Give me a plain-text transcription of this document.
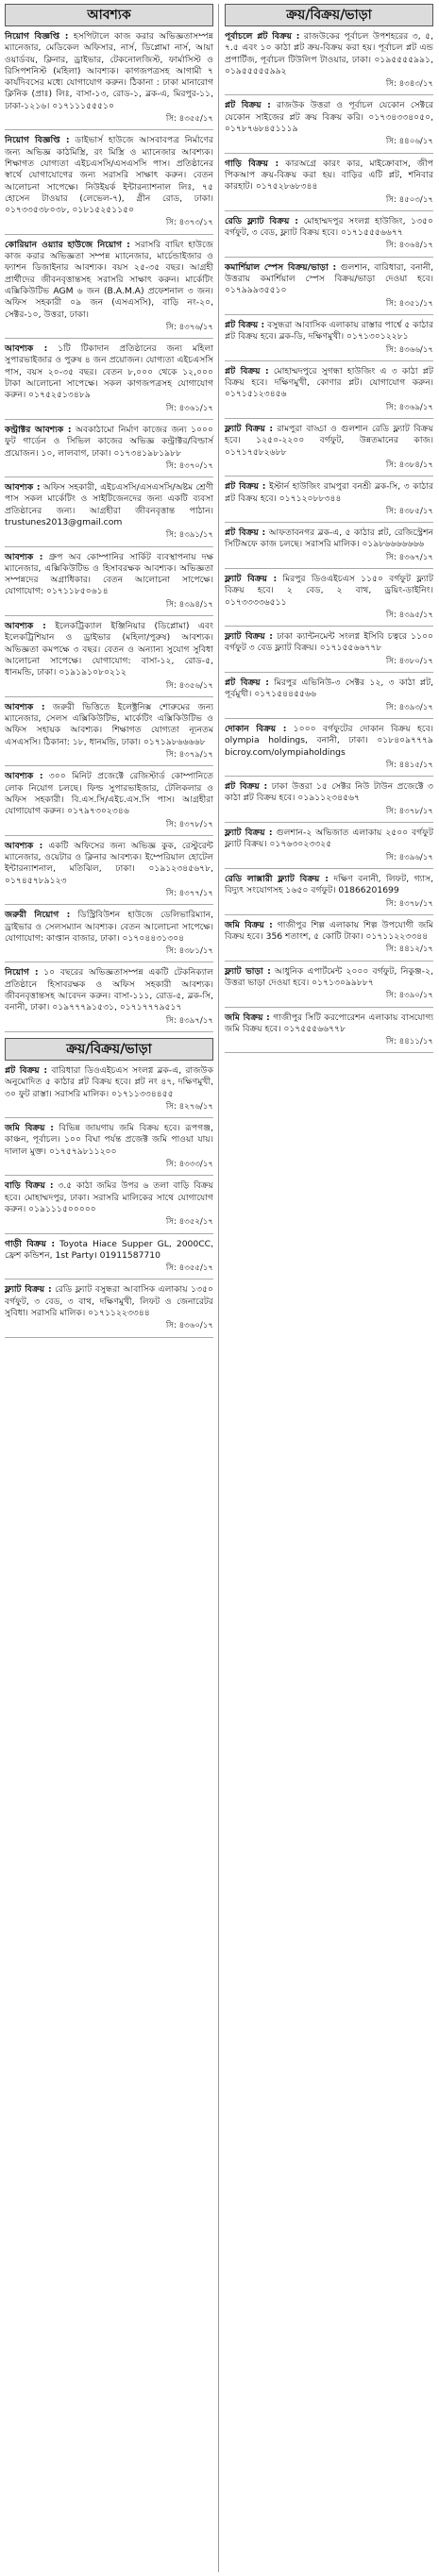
আবশ্যক
নিয়োগ বিজ্ঞপ্তি : হসপিটালে কাজ করার অভিজ্ঞতাসম্পন্ন ম্যানেজার, মেডিকেল অফিসার, নার্স, ডিপ্লোমা নার্স, আয়া ওয়ার্ডবয়, ক্লিনার, ড্রাইভার, টেকনোলজিস্ট, ফার্মাসিস্ট ও রিসিপশনিস্ট (মহিলা) আবশ্যক। কাগজপত্রসহ আগামী ৭ কার্যদিবসের মধ্যে যোগাযোগ করুন। ঠিকানা : ঢাকা মানারোগ ক্লিনিক (প্রাঃ) লিঃ, বাসা-১৩, রোড-১, ব্লক-এ, মিরপুর-১১, ঢাকা-১২১৬। ০১৭১১১৫৫৫১০
সি: ৪৩৫৫/১৭
নিয়োগ বিজ্ঞপ্তি : ডাইভার্স হাউজে আসবাবপত্র নির্মাণের জন্য অভিজ্ঞ কাঠমিস্ত্রি, রং মিস্ত্রি ও ম্যানেজার আবশ্যক। শিক্ষাগত যোগ্যতা এইচএসসি/এসএসসি পাস। প্রতিষ্ঠানের স্বার্থে যোগাযোগের জন্য সরাসরি সাক্ষাৎ করুন। বেতন আলোচনা সাপেক্ষে। নিউইয়র্ক ইন্টারন্যাশনাল লিঃ, ৭৫ হোসেন টাওয়ার (লেভেল-৭), গ্রীন রোড, ঢাকা। ০১৭৩৩৫৩৮০৩৮, ০১৮১৫২৫১১৫০
সি: ৪৩৭৩/১৭
কোরিয়ান ওয়্যার হাউজে নিয়োগ : সরাসরি বায়িং হাউজে কাজ করার অভিজ্ঞতা সম্পন্ন ম্যানেজার, মার্চেন্ডাইজার ও ফ্যাশন ডিজাইনার আবশ্যক। বয়স ২৫-৩৫ বছর। আগ্রহী প্রার্থীদের জীবনবৃত্তান্তসহ সরাসরি সাক্ষাৎ করুন। মার্কেটিং এক্সিকিউটিভ AGM ৬ জন (B.A.M.A) প্রফেশনাল ৩ জন। অফিস সহকারী ০৯ জন (এসএসসি), বাড়ি নং-২০, সেক্টর-১০, উত্তরা, ঢাকা।
সি: ৪৩৭৬/১৭
আবশ্যক : ১টি টিকাদান প্রতিষ্ঠানের জন্য মহিলা সুপারভাইজার ও পুরুষ ৪ জন প্রয়োজন। যোগ্যতা এইচএসসি পাস, বয়স ২০-৩৫ বছর। বেতন ৮,০০০ থেকে ১২,০০০ টাকা আলোচনা সাপেক্ষে। সকল কাগজপত্রসহ যোগাযোগ করুন। ০১৭৫২৫১৩৪৮৯
সি: ৪৩৬১/১৭
কন্ট্রাক্টর আবশ্যক : অবকাঠামো নির্মাণ কাজের জন্য ১০০০ ফুট গার্ডেন ও সিভিল কাজের অভিজ্ঞ কন্ট্রাক্টর/বিল্ডার্স প্রয়োজন। ১০, লালবাগ, ঢাকা। ০১৭৩৪১৯৮১৯৮৮
সি: ৪৩৭০/১৭
আবশ্যক : অফিস সহকারী, এইচএসসি/এসএসসি/অষ্টম শ্রেণী পাস সকল মার্কেটিং ও সাইটিজেনদের জন্য একটি ব্যবসা প্রতিষ্ঠানের জন্য। আগ্রহীরা জীবনবৃত্তান্ত পাঠান। trustunes2013@gmail.com
সি: ৪৩৯১/১৭
আবশ্যক : গ্রুপ অব কোম্পানির সার্কিট ব্যবস্থাপনায় দক্ষ ম্যানেজার, এক্সিকিউটিভ ও হিসাবরক্ষক আবশ্যক। অভিজ্ঞতা সম্পন্নদের অগ্রাধিকার। বেতন আলোচনা সাপেক্ষে। যোগাযোগ: ০১৭১১৮৫০৬১৪
সি: ৪৩৯৪/১৭
আবশ্যক : ইলেকট্রিক্যাল ইঞ্জিনিয়ার (ডিপ্লোমা) এবং ইলেকট্রিশিয়ান ও ড্রাইভার (মহিলা/পুরুষ) আবশ্যক। অভিজ্ঞতা কমপক্ষে ৩ বছর। বেতন ও অন্যান্য সুযোগ সুবিধা আলোচনা সাপেক্ষে। যোগাযোগ: বাসা-১২, রোড-৫, ধানমন্ডি, ঢাকা। ০১৯১৯১০৮০২১২
সি: ৪৩৫৬/১৭
আবশ্যক : জরুরী ভিত্তিতে ইলেক্ট্রনিক্স শোরুমের জন্য ম্যানেজার, সেলস এক্সিকিউটিভ, মার্কেটিং এক্সিকিউটিভ ও অফিস সহায়ক আবশ্যক। শিক্ষাগত যোগ্যতা ন্যূনতম এসএসসি। ঠিকানা: ১৮, ধানমন্ডি, ঢাকা। ০১৭১৯৮৬৬৬৬৮
সি: ৪৩৭৯/১৭
আবশ্যক : ৩০০ মিনিট প্রজেক্টে রেজিস্টার্ড কোম্পানিতে লোক নিয়োগ চলছে। ফিল্ড সুপারভাইজার, টেলিকলার ও অফিস সহকারী। বি.এস.সি/এইচ.এস.সি পাস। আগ্রহীরা যোগাযোগ করুন। ০১৭৯৭৩০২৩৪৬
সি: ৪৩৭৮/১৭
আবশ্যক : একটি অফিসের জন্য অভিজ্ঞ কুক, রেস্টুরেন্ট ম্যানেজার, ওয়েটার ও ক্লিনার আবশ্যক। ইম্পেরিয়াল হোটেল ইন্টারন্যাশনাল, মতিঝিল, ঢাকা। ০১৯১২৩৪৫৬৭৮, ০১৭৪৫৭৮৯১২৩
সি: ৪৩৭৭/১৭
জরুরী নিয়োগ : ডিস্ট্রিবিউশন হাউজে ডেলিভারিম্যান, ড্রাইভার ও সেলসম্যান আবশ্যক। বেতন আলোচনা সাপেক্ষে। যোগাযোগ: কাপ্তান বাজার, ঢাকা। ০১৭০৪৪৩১৩০৪
সি: ৪৩৮১/১৭
নিয়োগ : ১০ বছরের অভিজ্ঞতাসম্পন্ন একটি টেকনিক্যাল প্রতিষ্ঠানে হিসাবরক্ষক ও অফিস সহকারী আবশ্যক। জীবনবৃত্তান্তসহ আবেদন করুন। বাসা-১১১, রোড-৫, ব্লক-সি, বনানী, ঢাকা। ০১৯৭৭৭৯১৫৩১, ০১৭১৭৭৭৯৫১৭
সি: ৪৩৯৭/১৭
ক্রয়/বিক্রয়/ভাড়া
প্লট বিক্রয় : বারিধারা ডিওএইচএস সংলগ্ন ব্লক-এ, রাজউক অনুমোদিত ৫ কাঠার প্লট বিক্রয় হবে। প্লট নং ৪৭, দক্ষিণমুখী, ৩০ ফুট রাস্তা। সরাসরি মালিক। ০১৭১১৩৩৪৪৫৫
সি: ৪২৭৬/১৭
জমি বিক্রয় : বিভিন্ন জায়গায় জমি বিক্রয় হবে। রূপগঞ্জ, কাঞ্চন, পূর্বাচল। ১০০ বিঘা পর্যন্ত প্রজেক্ট জমি পাওয়া যায়। দালাল মুক্ত। ০১৭৫৭৯৮১১২০০
সি: ৪৩৩৩/১৭
বাড়ি বিক্রয় : ৩.৫ কাঠা জমির উপর ৬ তলা বাড়ি বিক্রয় হবে। মোহাম্মদপুর, ঢাকা। সরাসরি মালিকের সাথে যোগাযোগ করুন। ০১৯১১১৫০০০০০
সি: ৪৩৫২/১৭
গাড়ী বিক্রয় : Toyota Hiace Supper GL, 2000CC, ফ্রেশ কন্ডিশন, 1st Party। 01911587710
সি: ৪৩৫৫/১৭
ফ্ল্যাট বিক্রয় : রেডি ফ্ল্যাট বসুন্ধরা আবাসিক এলাকায় ১৩৫০ বর্গফুট, ৩ বেড, ৩ বাথ, দক্ষিণমুখী, লিফট ও জেনারেটর সুবিধা। সরাসরি মালিক। ০১৭১১২২৩৩৪৪
সি: ৪৩৬০/১৭
ক্রয়/বিক্রয়/ভাড়া
পূর্বাচলে প্লট বিক্রয় : রাজউকের পূর্বাচল উপশহরের ৩, ৫, ৭.৫ এবং ১০ কাঠা প্লট ক্রয়-বিক্রয় করা হয়। পূর্বাচল প্লট এন্ড প্রপার্টিজ, পূর্বাচল টিউলিপ টাওয়ার, ঢাকা। ০১৯৫৫৫৫৯৯১, ০১৯৫৫৫৫৫৯৯২
সি: ৪৩৪৩/১৭
প্লট বিক্রয় : রাজউক উত্তরা ও পূর্বাচল যেকোন সেক্টরে যেকোন সাইজের প্লট ক্রয় বিক্রয় করি। ০১৭৩৪৩৩৪০৫০, ০১৭৮৭৬৮৪৫১১১৯
সি: ৪৪০৬/১৭
গাড়ি বিক্রয় : কারঅগ্রে কারং কার, মাইক্রোবাস, জীপ পিকআপ ক্রয়-বিক্রয় করা হয়। বাড়ির এটি প্লট, শনিবার কারহাট। ০১৭৫২৮৬৮৩৪৪
সি: ৪৫০৩/১৭
রেডি ফ্ল্যাট বিক্রয় : মোহাম্মদপুর সংলগ্ন হাউজিং, ১৩৫০ বর্গফুট, ৩ বেড, ফ্ল্যাট বিক্রয় হবে। ০১৭১৫৫৫৬৬৭৭
সি: ৪৩৬৪/১৭
কমার্শিয়াল স্পেস বিক্রয়/ভাড়া : গুলশান, বারিধারা, বনানী, উত্তরায় কমার্শিয়াল স্পেস বিক্রয়/ভাড়া দেওয়া হবে। ০১৭৯৯৯৩৫৫১০
সি: ৪৩৫১/১৭
প্লট বিক্রয় : বসুন্ধরা আবাসিক এলাকায় রাস্তার পার্শ্বে ৫ কাঠার প্লট বিক্রয় হবে। ব্লক-ডি, দক্ষিণমুখী। ০১৭১৩০১২২৮১
সি: ৪৩৬৬/১৭
প্লট বিক্রয় : মোহাম্মদপুরে সুগন্ধা হাউজিং এ ৩ কাঠা প্লট বিক্রয় হবে। দক্ষিণমুখী, কোণার প্লট। যোগাযোগ করুন। ০১৭১৫১২৩৪৫৬
সি: ৪৩৬৯/১৭
ফ্ল্যাট বিক্রয় : রামপুরা বাড্ডা ও গুলশান রেডি ফ্ল্যাট বিক্রয় হবে। ১২৫০-২২০০ বর্গফুট, উন্নতমানের কাজ। ০১৭১৭৫৮২৬৮৮
সি: ৪৩৮৪/১৭
প্লট বিক্রয় : ইস্টার্ন হাউজিং রামপুরা বনশ্রী ব্লক-সি, ৩ কাঠার প্লট বিক্রয় হবে। ০১৭১২০৮৮৩৪৪
সি: ৪৩৮৫/১৭
প্লট বিক্রয় : আফতাবনগর ব্লক-এ, ৫ কাঠার প্লট, রেজিস্ট্রেশন সিটিঅফে কাজ চলছে। সরাসরি মালিক। ০১৯৮৬৬৬৬৬৬৬
সি: ৪৩৬৭/১৭
ফ্ল্যাট বিক্রয় : মিরপুর ডিওএইচএস ১১৫০ বর্গফুট ফ্ল্যাট বিক্রয় হবে। ২ বেড, ২ বাথ, ড্রয়িং-ডাইনিং। ০১৭৩৩৩৩৬৫১১
সি: ৪৩৯৫/১৭
ফ্ল্যাট বিক্রয় : ঢাকা ক্যান্টনমেন্ট সংলগ্ন ইসিবি চত্বরে ১১০০ বর্গফুট ৩ বেড ফ্ল্যাট বিক্রয়। ০১৭১৫৫৬৬৭৭৮
সি: ৪৩৮০/১৭
প্লট বিক্রয় : মিরপুর এভিনিউ-৩ সেক্টর ১২, ৩ কাঠা প্লট, পূর্বমুখী। ০১৭১৫৪৪৫৫৬৬
সি: ৪৩৯৩/১৭
দোকান বিক্রয় : ১০০০ বর্গফুটের দোকান বিক্রয় হবে। olympia holdings, বনানী, ঢাকা। ০১৮৪০৯৭৭৭৯ bicroy.com/olympiaholdings
সি: ৪৪১৫/১৭
প্লট বিক্রয় : ঢাকা উত্তরা ১৫ সেক্টর নিউ টাউন প্রজেক্টে ৩ কাঠা প্লট বিক্রয় হবে। ০১৯১১২৩৪৫৬৭
সি: ৪৩৭৮/১৭
ফ্ল্যাট বিক্রয় : গুলশান-২ অভিজাত এলাকায় ২৫০০ বর্গফুট ফ্ল্যাট বিক্রয়। ০১৭৬৩০২৩৩২৫
সি: ৪৩৯৬/১৭
রেডি লাক্সারী ফ্ল্যাট বিক্রয় : দক্ষিণ বনানী, লিফট, গ্যাস, বিদ্যুৎ সংযোগসহ ১৬৫০ বর্গফুট। 01866201699
সি: ৪৩৭৮/১৭
জমি বিক্রয় : গাজীপুর শিল্প এলাকায় শিল্প উপযোগী জমি বিক্রয় হবে। 356 শতাংশ, ৫ কোটি টাকা। ০১৭১১২২৩৩৪৪
সি: ৪৪১২/১৭
ফ্ল্যাট ভাড়া : আধুনিক এপার্টমেন্ট ২০০০ বর্গফুট, নিকুঞ্জ-২, উত্তরা ভাড়া দেওয়া হবে। ০১৭১৩০৯৯৮৮৭
সি: ৪৩৯০/১৭
জমি বিক্রয় : গাজীপুর সিটি করপোরেশন এলাকায় বাসযোগ্য জমি বিক্রয় হবে। ০১৭৫৫৫৬৬৭৭৮
সি: ৪৪১১/১৭
